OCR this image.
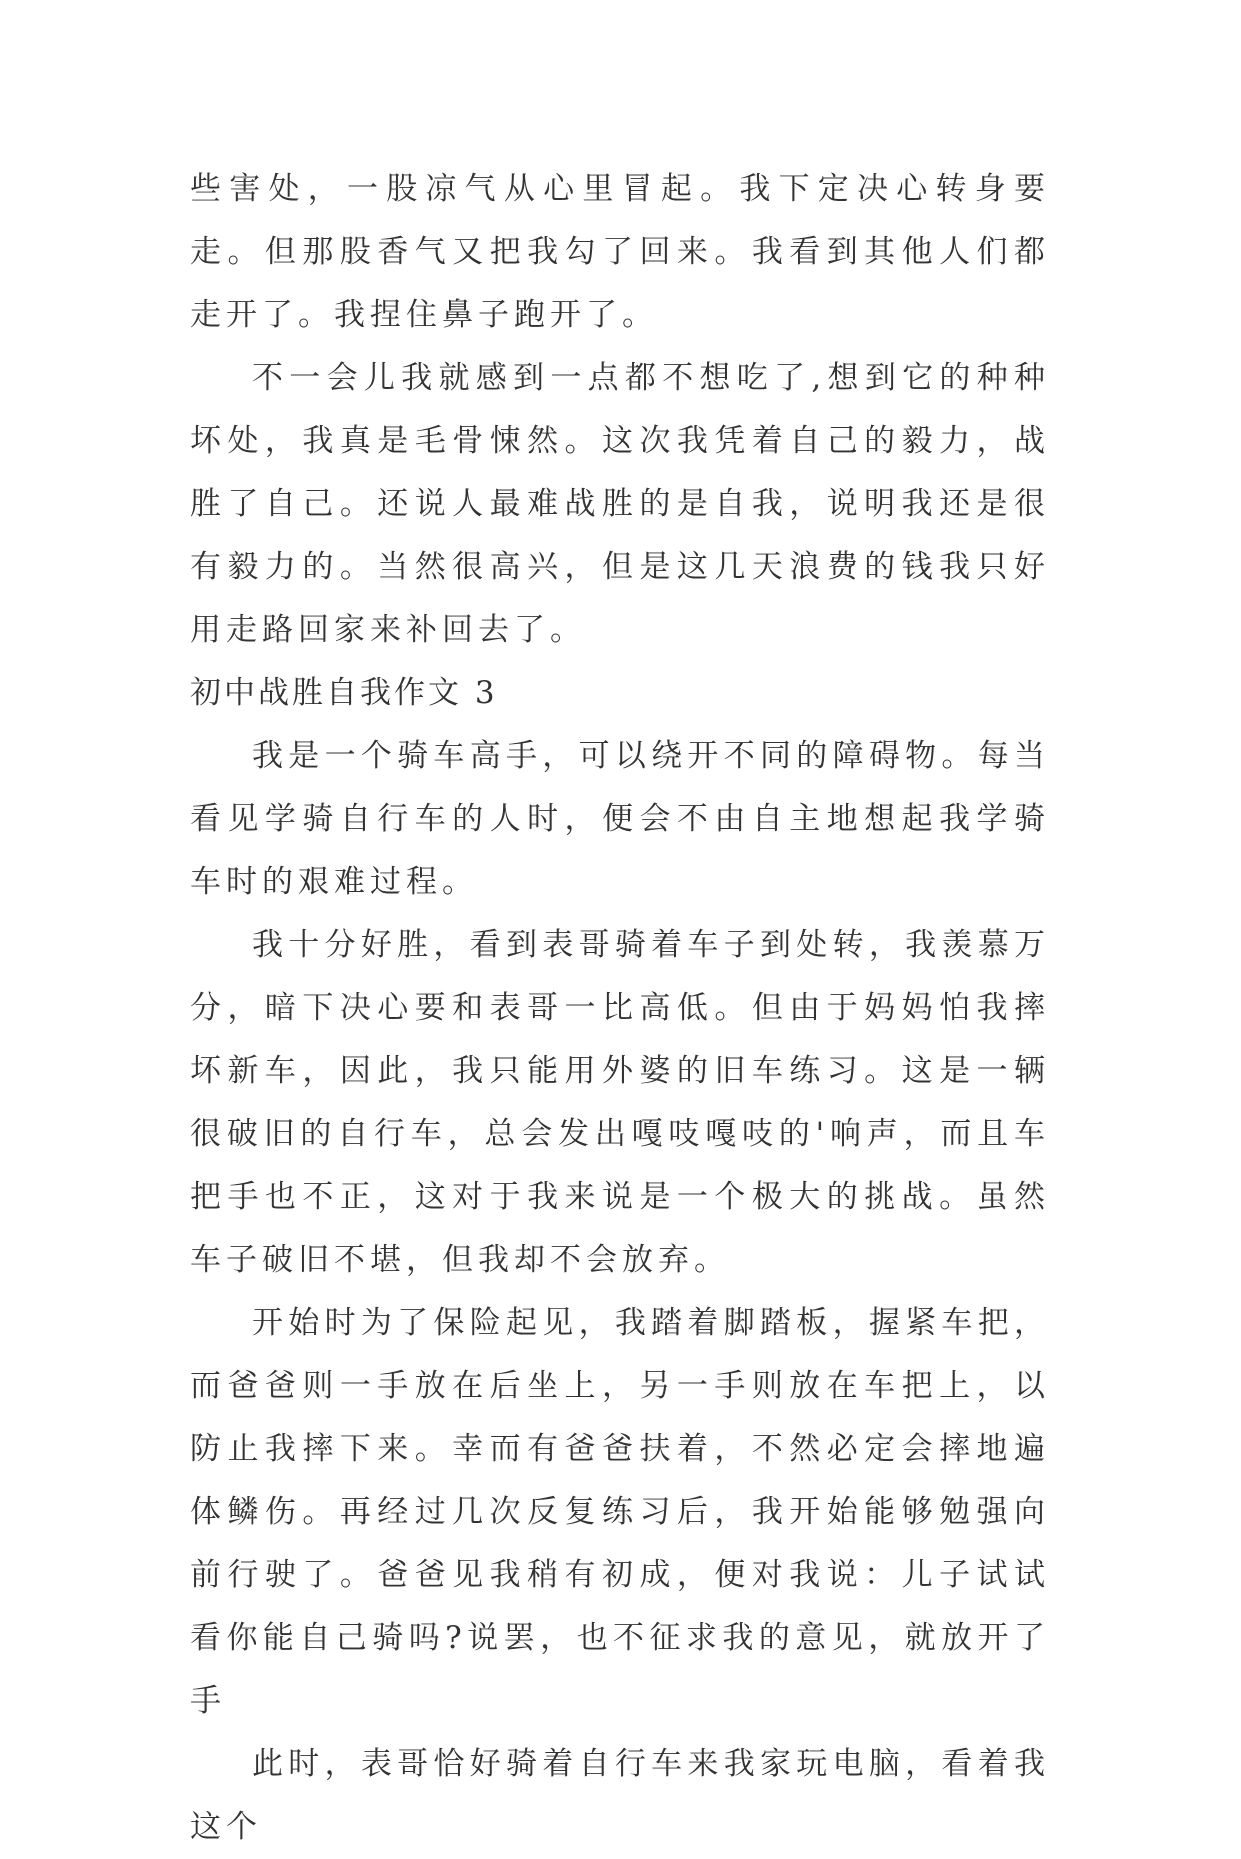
些害处，一股凉气从心里冒起。我下定决心转身要走。但那股香气又把我勾了回来。我看到其他人们都走开了。我捏住鼻子跑开了。

不一会儿我就感到一点都不想吃了,想到它的种种坏处，我真是毛骨悚然。这次我凭着自己的毅力，战胜了自己。还说人最难战胜的是自我，说明我还是很有毅力的。当然很高兴，但是这几天浪费的钱我只好用走路回家来补回去了。

初中战胜自我作文 3

我是一个骑车高手，可以绕开不同的障碍物。每当看见学骑自行车的人时，便会不由自主地想起我学骑车时的艰难过程。

我十分好胜，看到表哥骑着车子到处转，我羡慕万分，暗下决心要和表哥一比高低。但由于妈妈怕我摔坏新车，因此，我只能用外婆的旧车练习。这是一辆很破旧的自行车，总会发出嘎吱嘎吱的'响声，而且车把手也不正，这对于我来说是一个极大的挑战。虽然车子破旧不堪，但我却不会放弃。

开始时为了保险起见，我踏着脚踏板，握紧车把，而爸爸则一手放在后坐上，另一手则放在车把上，以防止我摔下来。幸而有爸爸扶着，不然必定会摔地遍体鳞伤。再经过几次反复练习后，我开始能够勉强向前行驶了。爸爸见我稍有初成，便对我说：儿子试试看你能自己骑吗?说罢，也不征求我的意见，就放开了手

此时，表哥恰好骑着自行车来我家玩电脑，看着我这个
